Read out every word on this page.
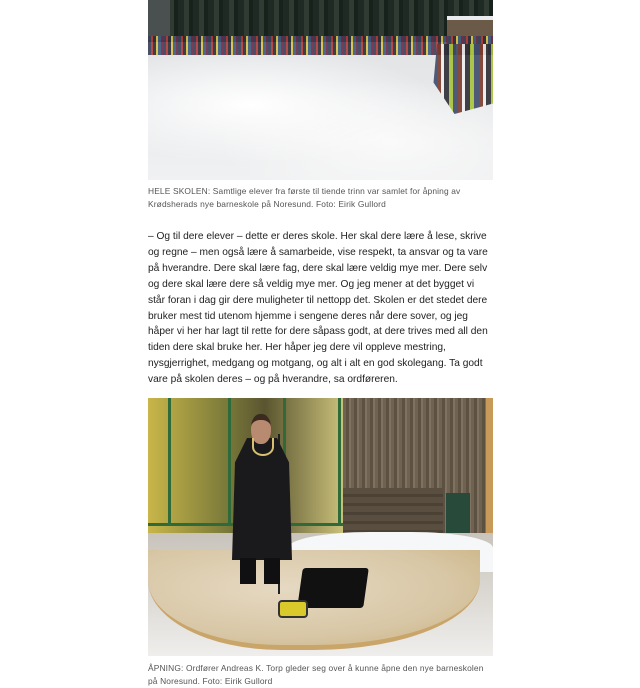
HELE SKOLEN: Samtlige elever fra første til tiende trinn var samlet for åpning av Krødsherads nye barneskole på Noresund. Foto: Eirik Gullord
– Og til dere elever – dette er deres skole. Her skal dere lære å lese, skrive og regne – men også lære å samarbeide, vise respekt, ta ansvar og ta vare på hverandre. Dere skal lære fag, dere skal lære veldig mye mer. Dere selv og dere skal lære dere så veldig mye mer. Og jeg mener at det bygget vi står foran i dag gir dere muligheter til nettopp det. Skolen er det stedet dere bruker mest tid utenom hjemme i sengene deres når dere sover, og jeg håper vi her har lagt til rette for dere såpass godt, at dere trives med all den tiden dere skal bruke her. Her håper jeg dere vil oppleve mestring, nysgjerrighet, medgang og motgang, og alt i alt en god skolegang. Ta godt vare på skolen deres – og på hverandre, sa ordføreren.
ÅPNING: Ordfører Andreas K. Torp gleder seg over å kunne åpne den nye barneskolen på Noresund. Foto: Eirik Gullord
